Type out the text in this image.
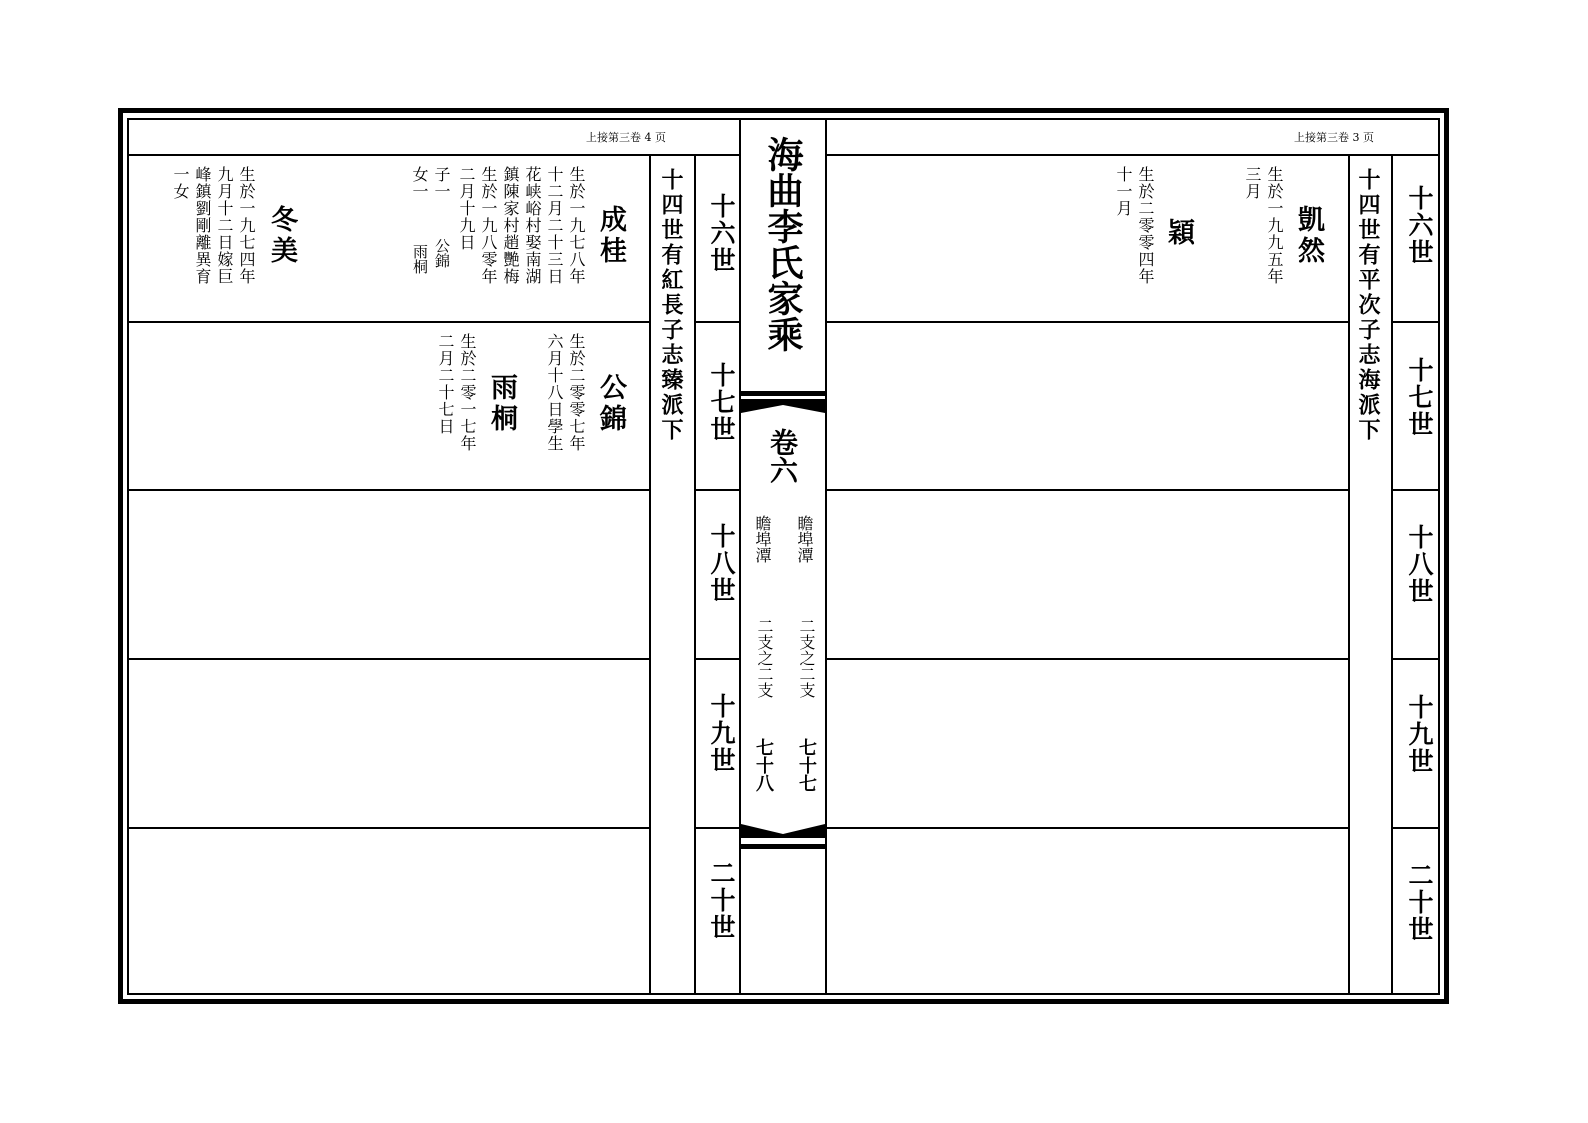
上接第三卷 4 页	上接第三卷 3 页
十四世有紅長子志臻派下	十四世有平次子志海派下
十六世
十七世
十八世
十九世
二十世
十六世
十七世
十八世
十九世
二十世
成桂
生於一九七八年
十二月二十三日
花峡峪村娶南湖
鎮陳家村趙艷梅
生於一九八零年
二月十九日
子一
女一
公錦
雨桐
冬美
生於一九七四年
九月十二日嫁巨
峰鎮劉剛離異育
一女
公錦
生於二零零七年
六月十八日學生
雨桐
生於二零一七年
二月二十七日
凱然
生於一九九五年
三月
穎
生於二零零四年
十一月
海曲李氏家乘
卷六
瞻埠潭
瞻埠潭
二支之二支
二支之二支
七十七
七十八
